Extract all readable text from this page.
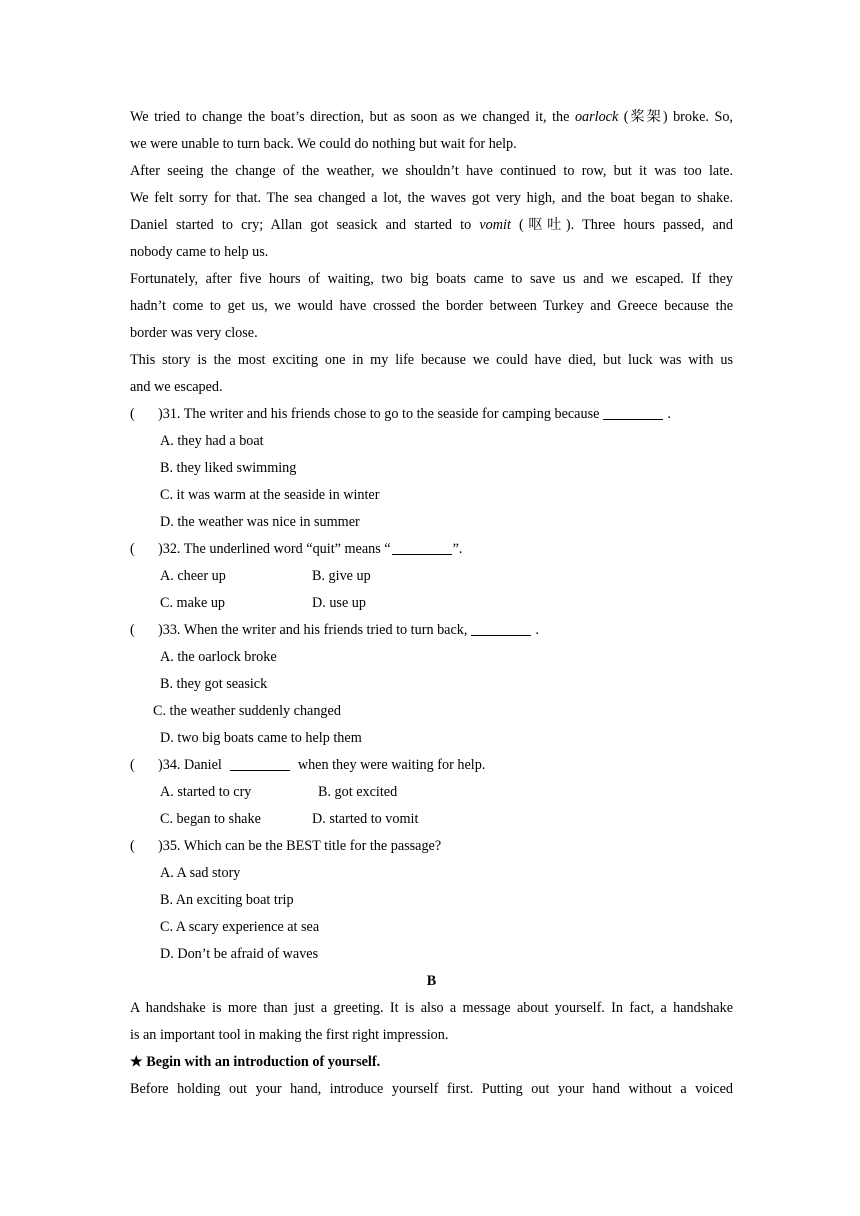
We tried to change the boat’s direction, but as soon as we changed it, the oarlock (桨架) broke. So,
we were unable to turn back. We could do nothing but wait for help.
After seeing the change of the weather, we shouldn’t have continued to row, but it was too late.
We felt sorry for that. The sea changed a lot, the waves got very high, and the boat began to shake.
Daniel started to cry; Allan got seasick and started to vomit (呕吐). Three hours passed, and
nobody came to help us.
Fortunately, after five hours of waiting, two big boats came to save us and we escaped. If they
hadn’t come to get us, we would have crossed the border between Turkey and Greece because the
border was very close.
This story is the most exciting one in my life because we could have died, but luck was with us
and we escaped.
( )31. The writer and his friends chose to go to the seaside for camping because	.
A. they had a boat
B. they liked swimming
C. it was warm at the seaside in winter
D. the weather was nice in summer
( )32. The underlined word “quit” means “	”.
A. cheer up	B. give up
C. make up	D. use up
( )33. When the writer and his friends tried to turn back,	.
A. the oarlock broke
B. they got seasick
C. the weather suddenly changed
D. two big boats came to help them
( )34. Daniel	when they were waiting for help.
A. started to cry	B. got excited
C. began to shake	D. started to vomit
( )35. Which can be the BEST title for the passage?
A. A sad story
B. An exciting boat trip
C. A scary experience at sea
D. Don’t be afraid of waves
B
A handshake is more than just a greeting. It is also a message about yourself. In fact, a handshake
is an important tool in making the first right impression.
★ Begin with an introduction of yourself.
Before holding out your hand, introduce yourself first. Putting out your hand without a voiced
